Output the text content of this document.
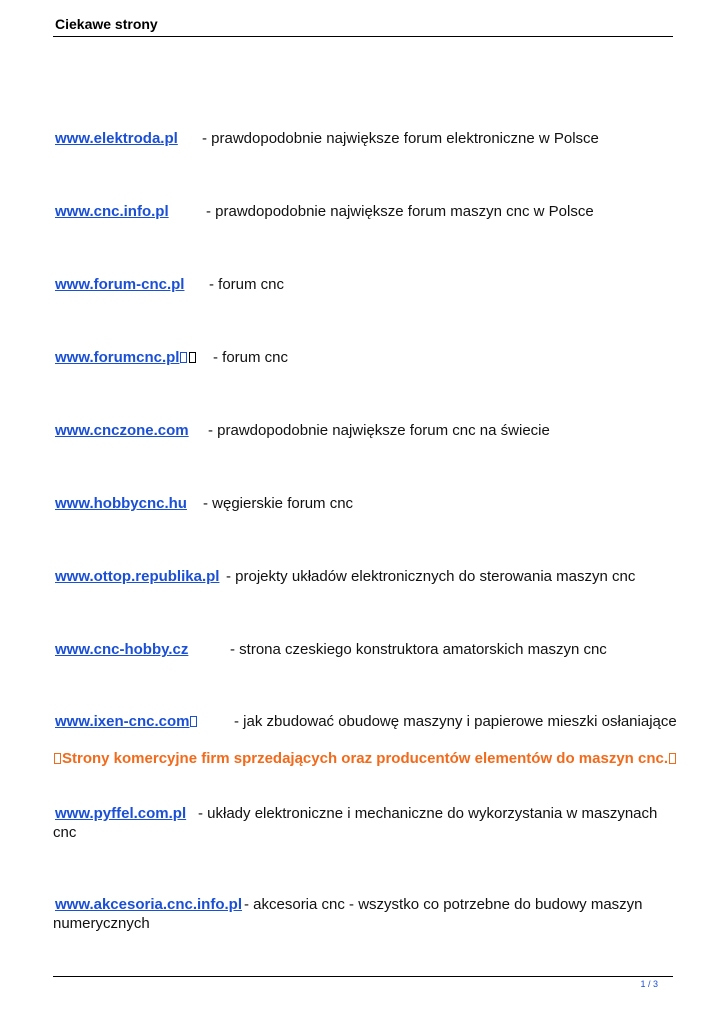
Ciekawe strony
www.elektroda.pl - prawdopodobnie największe forum elektroniczne w Polsce
www.cnc.info.pl - prawdopodobnie największe forum maszyn cnc w Polsce
www.forum-cnc.pl - forum cnc
www.forumcnc.pl	- forum cnc
www.cnczone.com - prawdopodobnie największe forum cnc na świecie
www.hobbycnc.hu - węgierskie forum cnc
www.ottop.republika.pl - projekty układów elektronicznych do sterowania maszyn cnc
www.cnc-hobby.cz	- strona czeskiego konstruktora amatorskich maszyn cnc
www.ixen-cnc.com	- jak zbudować obudowę maszyny i papierowe mieszki osłaniające
Strony komercyjne firm sprzedających oraz producentów elementów do maszyn cnc.
www.pyffel.com.pl - układy elektroniczne i mechaniczne do wykorzystania w maszynach
cnc
www.akcesoria.cnc.info.pl - akcesoria cnc - wszystko co potrzebne do budowy maszyn
numerycznych
1 / 3
